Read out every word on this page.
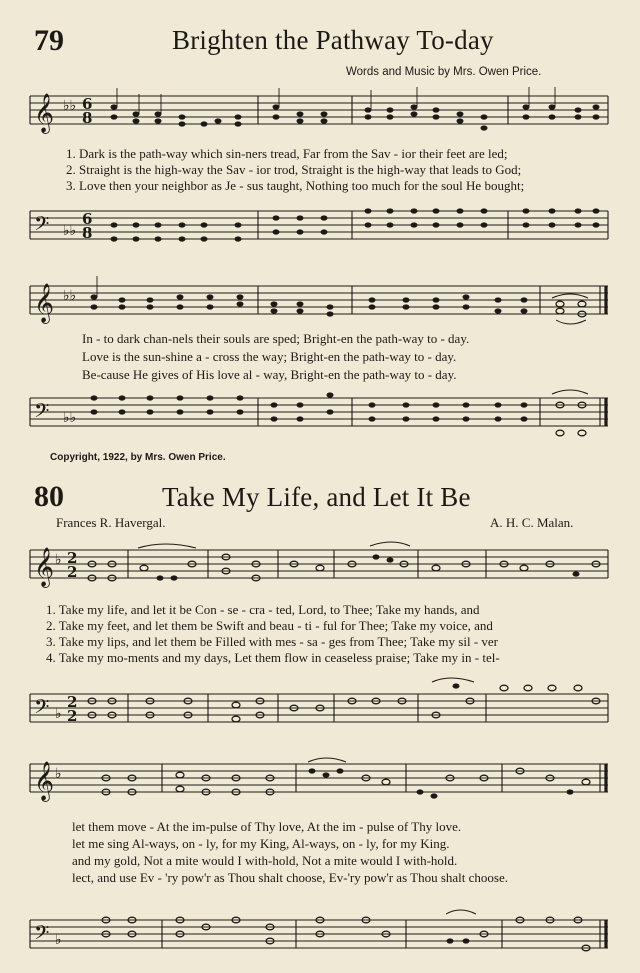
79	Brighten the Pathway To-day
Words and Music by Mrs. Owen Price.
𝄞 ♭♭ 6
8
1. Dark is the path-way which sin-ners tread, Far from the Sav - ior their feet are led;
2. Straight is the high-way the Sav - ior trod, Straight is the high-way that leads to God;
3. Love then your neighbor as Je - sus taught, Nothing too much for the soul He bought;
𝄢 ♭♭
6
8
𝄞 ♭♭
In - to dark chan-nels their souls are sped; Bright-en the path-way to - day.
Love is the sun-shine a - cross the way; Bright-en the path-way to - day.
Be-cause He gives of His love al - way, Bright-en the path-way to - day.
𝄢 ♭♭
Copyright, 1922, by Mrs. Owen Price.
80	Take My Life, and Let It Be
Frances R. Havergal.	A. H. C. Malan.
𝄞 ♭ 2
2
1. Take my life, and let it be Con - se - cra - ted, Lord, to Thee; Take my hands, and
2. Take my feet, and let them be Swift and beau - ti - ful for Thee; Take my voice, and
3. Take my lips, and let them be Filled with mes - sa - ges from Thee; Take my sil - ver
4. Take my mo-ments and my days, Let them flow in ceaseless praise; Take my in - tel-
𝄢 ♭
2
2
𝄞 ♭
let them move - At the im-pulse of Thy love, At the im - pulse of Thy love.
let me sing Al-ways, on - ly, for my King, Al-ways, on - ly, for my King.
and my gold, Not a mite would I with-hold, Not a mite would I with-hold.
lect, and use Ev - 'ry pow'r as Thou shalt choose, Ev-'ry pow'r as Thou shalt choose.
𝄢 ♭
